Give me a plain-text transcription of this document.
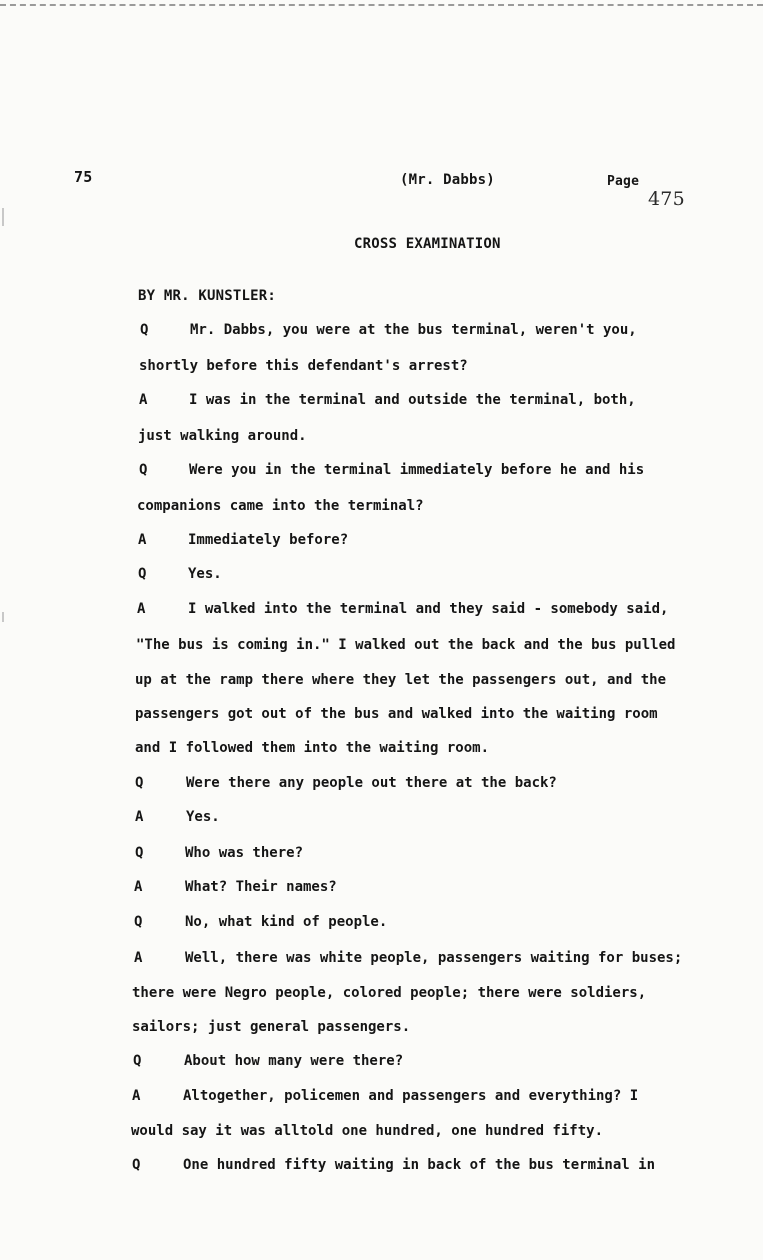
75	(Mr. Dabbs)	Page
475
CROSS EXAMINATION
BY MR. KUNSTLER:
Q	Mr. Dabbs, you were at the bus terminal, weren't you,
shortly before this defendant's arrest?
A	I was in the terminal and outside the terminal, both,
just walking around.
Q	Were you in the terminal immediately before he and his
companions came into the terminal?
A	Immediately before?
Q	Yes.
A	I walked into the terminal and they said - somebody said,
"The bus is coming in." I walked out the back and the bus pulled
up at the ramp there where they let the passengers out, and the
passengers got out of the bus and walked into the waiting room
and I followed them into the waiting room.
Q	Were there any people out there at the back?
A	Yes.
Q	Who was there?
A	What? Their names?
Q	No, what kind of people.
A	Well, there was white people, passengers waiting for buses;
there were Negro people, colored people; there were soldiers,
sailors; just general passengers.
Q	About how many were there?
A	Altogether, policemen and passengers and everything? I
would say it was alltold one hundred, one hundred fifty.
Q	One hundred fifty waiting in back of the bus terminal in
